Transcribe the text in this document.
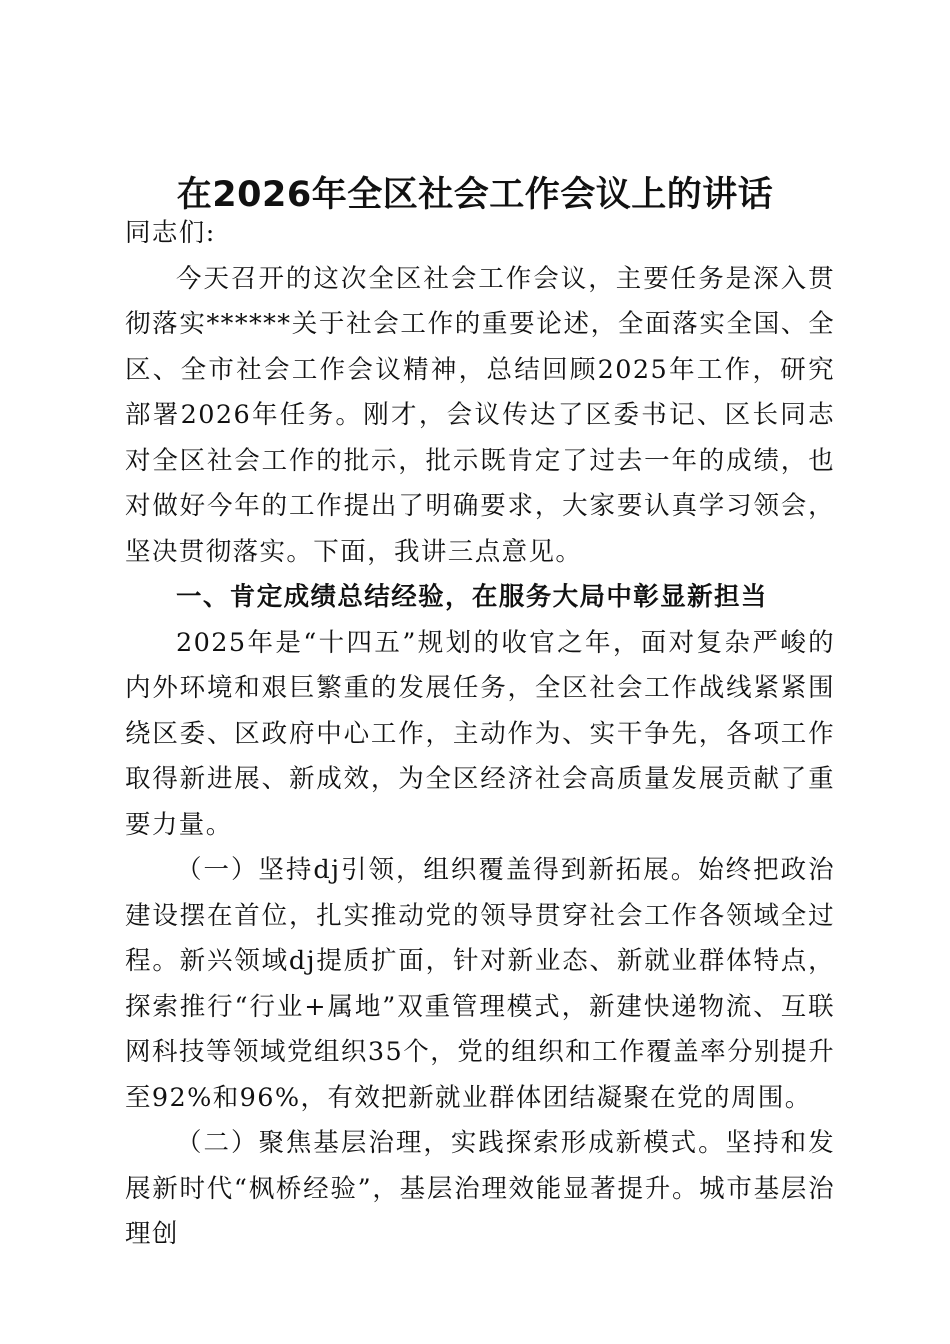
在2026年全区社会工作会议上的讲话

同志们:

今天召开的这次全区社会工作会议，主要任务是深入贯彻落实******关于社会工作的重要论述，全面落实全国、全区、全市社会工作会议精神，总结回顾2025年工作，研究部署2026年任务。刚才，会议传达了区委书记、区长同志对全区社会工作的批示，批示既肯定了过去一年的成绩，也对做好今年的工作提出了明确要求，大家要认真学习领会，坚决贯彻落实。下面，我讲三点意见。

一、肯定成绩总结经验，在服务大局中彰显新担当

2025年是“十四五”规划的收官之年，面对复杂严峻的内外环境和艰巨繁重的发展任务，全区社会工作战线紧紧围绕区委、区政府中心工作，主动作为、实干争先，各项工作取得新进展、新成效，为全区经济社会高质量发展贡献了重要力量。

（一）坚持dj引领，组织覆盖得到新拓展。始终把政治建设摆在首位，扎实推动党的领导贯穿社会工作各领域全过程。新兴领域dj提质扩面，针对新业态、新就业群体特点，探索推行“行业+属地”双重管理模式，新建快递物流、互联网科技等领域党组织35个，党的组织和工作覆盖率分别提升至92%和96%，有效把新就业群体团结凝聚在党的周围。

（二）聚焦基层治理，实践探索形成新模式。坚持和发展新时代“枫桥经验”，基层治理效能显著提升。城市基层治理创
